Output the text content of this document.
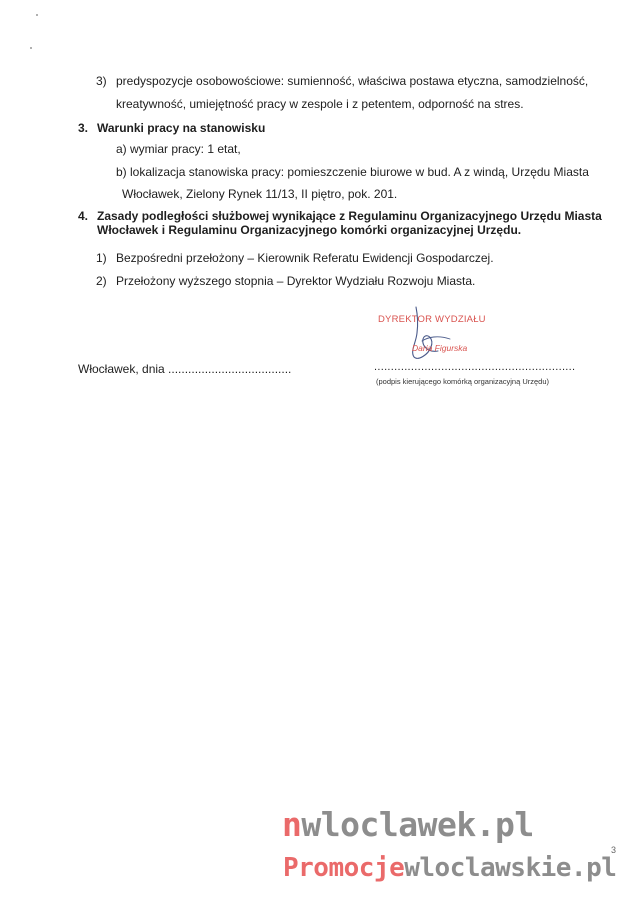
3) predyspozycje osobowościowe: sumienność, właściwa postawa etyczna, samodzielność,
kreatywność, umiejętność pracy w zespole i z petentem, odporność na stres.
3. Warunki pracy na stanowisku
a) wymiar pracy: 1 etat,
b) lokalizacja stanowiska pracy: pomieszczenie biurowe w bud. A z windą, Urzędu Miasta
Włocławek, Zielony Rynek 11/13, II piętro, pok. 201.
4. Zasady podległości służbowej wynikające z Regulaminu Organizacyjnego Urzędu Miasta
Włocławek i Regulaminu Organizacyjnego komórki organizacyjnej Urzędu.
1) Bezpośredni przełożony – Kierownik Referatu Ewidencji Gospodarczej.
2) Przełożony wyższego stopnia – Dyrektor Wydziału Rozwoju Miasta.
Włocławek, dnia .....................................
DYREKTOR WYDZIAŁU
Daria Figurska
............................................................
(podpis kierującego komórką organizacyjną Urzędu)
3
nwloclawek.pl
Promocjewloclawskie.pl
